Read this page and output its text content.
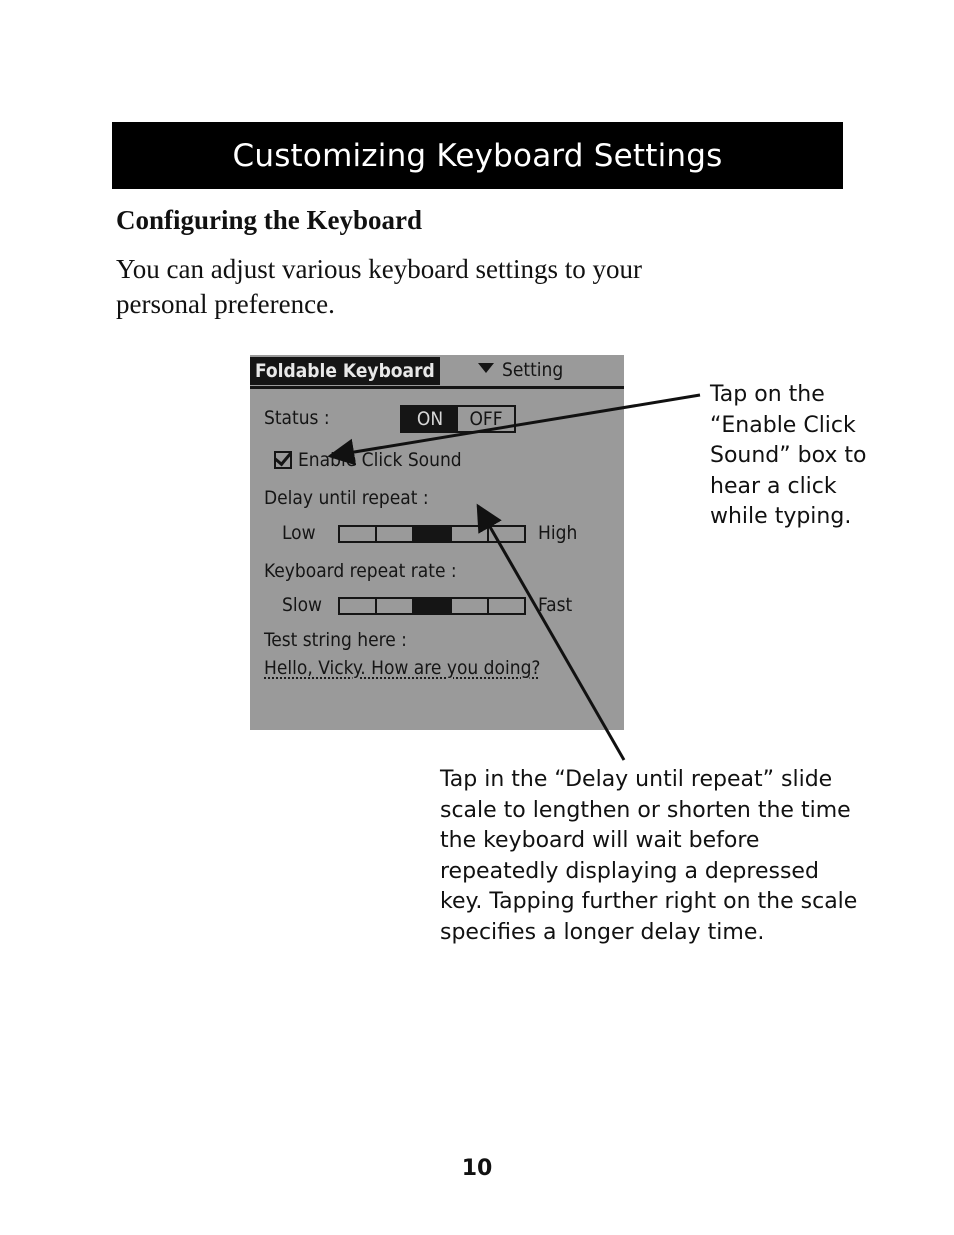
Customizing Keyboard Settings
Configuring the Keyboard

You can adjust various keyboard settings to your personal preference.

Foldable Keyboard	Setting
Status :	ON	OFF
Enable Click Sound
Delay until repeat :
Low	High
Keyboard repeat rate :
Slow	Fast
Test string here :
Hello, Vicky. How are you doing?

Tap on the “Enable Click Sound” box to hear a click while typing.

Tap in the “Delay until repeat” slide scale to lengthen or shorten the time the keyboard will wait before repeatedly displaying a depressed key. Tapping further right on the scale specifies a longer delay time.

10
